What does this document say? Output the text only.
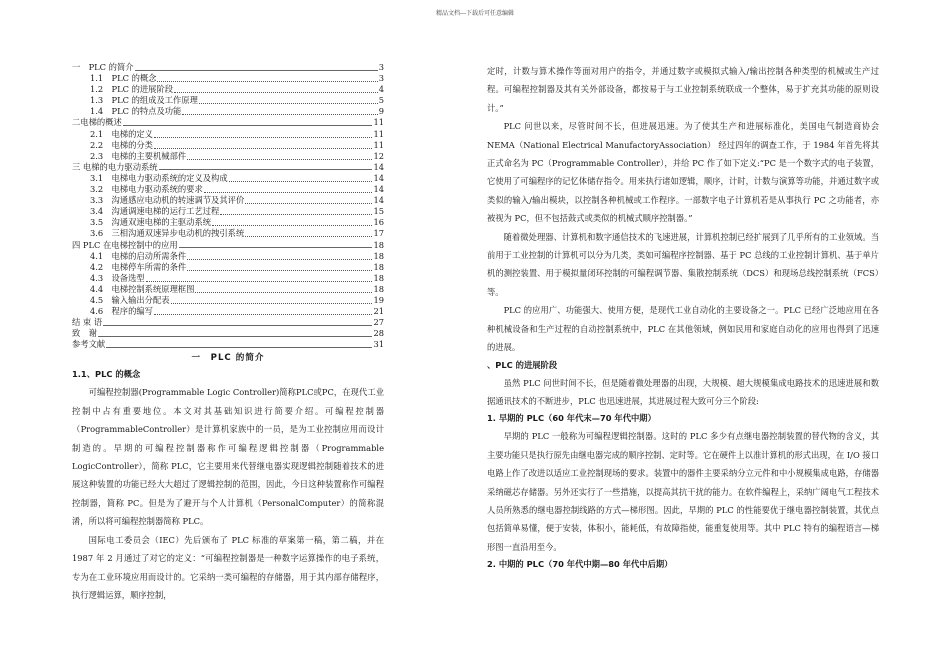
精品文档---下载后可任意编辑
一　PLC 的简介	3
1.1　PLC 的概念	3
1.2　PLC 的进展阶段	4
1.3　PLC 的组成及工作原理	5
1.4　PLC 的特点及功能	9
二电梯的概述	11
2.1　电梯的定义	11
2.2　电梯的分类	11
2.3　电梯的主要机械部件	12
三 电梯的电力驱动系统	14
3.1　电梯电力驱动系统的定义及构成	14
3.2　电梯电力驱动系统的要求	14
3.3　沟通感应电动机的转速调节及其评价	14
3.4　沟通调速电梯的运行工艺过程	15
3.5　沟通双速电梯的主驱动系统	16
3.6　三相沟通双速异步电动机的拽引系统	17
四 PLC 在电梯控制中的应用	18
4.1　电梯的启动所需条件	18
4.2　电梯停车所需的条件	18
4.3　设备选型	18
4.4　电梯控制系统原理框图	18
4.5　输入输出分配表	19
4.6　程序的编写	21
结 束 语	27
致　谢	28
参考文献	31
一　PLC 的简介
1.1、PLC 的概念

可编程控制器(Programmable Logic Controller)简称PLC或PC，在现代工业控制中占有重要地位。本文对其基础知识进行简要介绍。可编程控制器（ProgrammableController）是计算机家族中的一员，是为工业控制应用而设计制造的。早期的可编程控制器称作可编程逻辑控制器（Programmable LogicController），简称 PLC，它主要用来代替继电器实现逻辑控制随着技术的进展这种装置的功能已经大大超过了逻辑控制的范围，因此，今日这种装置称作可编程控制器，简称 PC。但是为了避开与个人计算机（PersonalComputer）的简称混淆，所以将可编程控制器简称 PLC。

国际电工委员会（IEC）先后颁布了 PLC 标准的草案第一稿，第二稿，并在 1987 年 2 月通过了对它的定义：“可编程控制器是一种数字运算操作的电子系统，专为在工业环境应用而设计的。它采纳一类可编程的存储器，用于其内部存储程序，执行逻辑运算，顺序控制，

定时，计数与算术操作等面对用户的指令，并通过数字或模拟式输入/输出控制各种类型的机械或生产过程。可编程控制器及其有关外部设备，都按易于与工业控制系统联成一个整体，易于扩充其功能的原则设计。”

PLC 问世以来，尽管时间不长，但进展迅速。为了使其生产和进展标准化，美国电气制造商协会 NEMA（National Electrical ManufactoryAssociation） 经过四年的调查工作，于 1984 年首先将其正式命名为 PC（Programmable Controller），并给 PC 作了如下定义:“PC 是一个数字式的电子装置，它使用了可编程序的记忆体储存指令。用来执行诸如逻辑，顺序，计时，计数与演算等功能，并通过数字或类似的输入/输出模块，以控制各种机械或工作程序。一部数字电子计算机若是从事执行 PC 之功能者，亦被视为 PC，但不包括鼓式或类似的机械式顺序控制器。”

随着微处理器、计算机和数字通信技术的飞速进展，计算机控制已经扩展到了几乎所有的工业领域。当前用于工业控制的计算机可以分为几类，类如可编程序控制器、基于 PC 总线的工业控制计算机、基于单片机的测控装置、用于模拟量闭环控制的可编程调节器、集散控制系统（DCS）和现场总线控制系统（FCS）等。

PLC 的应用广、功能强大、使用方便，是现代工业自动化的主要设备之一。PLC 已经广泛地应用在各种机械设备和生产过程的自动控制系统中，PLC 在其他领域，例如民用和家庭自动化的应用也得到了迅速的进展。

、PLC 的进展阶段

虽然 PLC 问世时间不长，但是随着微处理器的出现，大规模、超大规模集成电路技术的迅速进展和数据通讯技术的不断进步，PLC 也迅速进展，其进展过程大致可分三个阶段:

1. 早期的 PLC（60 年代末—70 年代中期）

早期的 PLC 一般称为可编程逻辑控制器。这时的 PLC 多少有点继电器控制装置的替代物的含义，其主要功能只是执行原先由继电器完成的顺序控制、定时等。它在硬件上以准计算机的形式出现，在 I/O 接口电路上作了改进以适应工业控制现场的要求。装置中的器件主要采纳分立元件和中小规模集成电路，存储器采纳磁芯存储器。另外还实行了一些措施，以提高其抗干扰的能力。在软件编程上，采纳广阔电气工程技术人员所熟悉的继电器控制线路的方式—梯形图。因此，早期的 PLC 的性能要优于继电器控制装置，其优点包括简单易懂，便于安装，体积小，能耗低，有故障指使，能重复使用等。其中 PLC 特有的编程语言—梯形图一直沿用至今。

2. 中期的 PLC（70 年代中期—80 年代中后期）
